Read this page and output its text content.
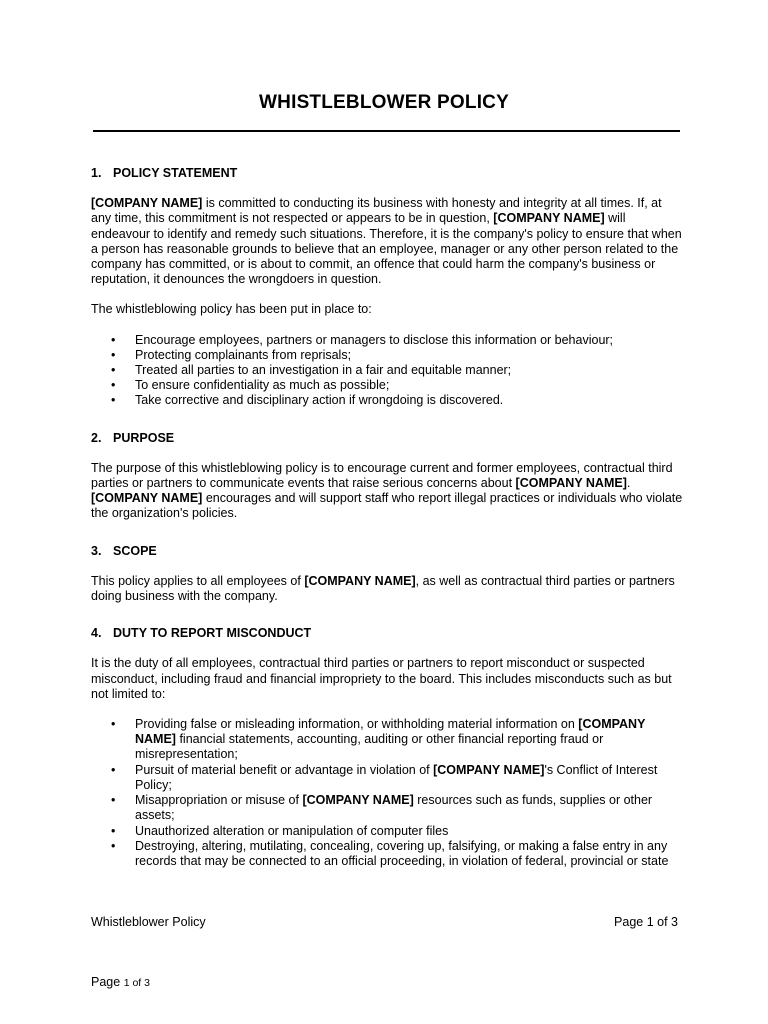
WHISTLEBLOWER POLICY
1. POLICY STATEMENT

[COMPANY NAME] is committed to conducting its business with honesty and integrity at all times. If, at any time, this commitment is not respected or appears to be in question, [COMPANY NAME] will endeavour to identify and remedy such situations. Therefore, it is the company's policy to ensure that when a person has reasonable grounds to believe that an employee, manager or any other person related to the company has committed, or is about to commit, an offence that could harm the company's business or reputation, it denounces the wrongdoers in question.

The whistleblowing policy has been put in place to:

• Encourage employees, partners or managers to disclose this information or behaviour;
• Protecting complainants from reprisals;
• Treated all parties to an investigation in a fair and equitable manner;
• To ensure confidentiality as much as possible;
• Take corrective and disciplinary action if wrongdoing is discovered.
2. PURPOSE

The purpose of this whistleblowing policy is to encourage current and former employees, contractual third parties or partners to communicate events that raise serious concerns about [COMPANY NAME].
[COMPANY NAME] encourages and will support staff who report illegal practices or individuals who violate the organization's policies.

3. SCOPE

This policy applies to all employees of [COMPANY NAME], as well as contractual third parties or partners doing business with the company.

4. DUTY TO REPORT MISCONDUCT

It is the duty of all employees, contractual third parties or partners to report misconduct or suspected misconduct, including fraud and financial impropriety to the board. This includes misconducts such as but not limited to:

• Providing false or misleading information, or withholding material information on [COMPANY NAME] financial statements, accounting, auditing or other financial reporting fraud or misrepresentation;
• Pursuit of material benefit or advantage in violation of [COMPANY NAME]'s Conflict of Interest Policy;
• Misappropriation or misuse of [COMPANY NAME] resources such as funds, supplies or other assets;
• Unauthorized alteration or manipulation of computer files
• Destroying, altering, mutilating, concealing, covering up, falsifying, or making a false entry in any records that may be connected to an official proceeding, in violation of federal, provincial or state
Whistleblower Policy	Page 1 of 3
Page 1 of 3
